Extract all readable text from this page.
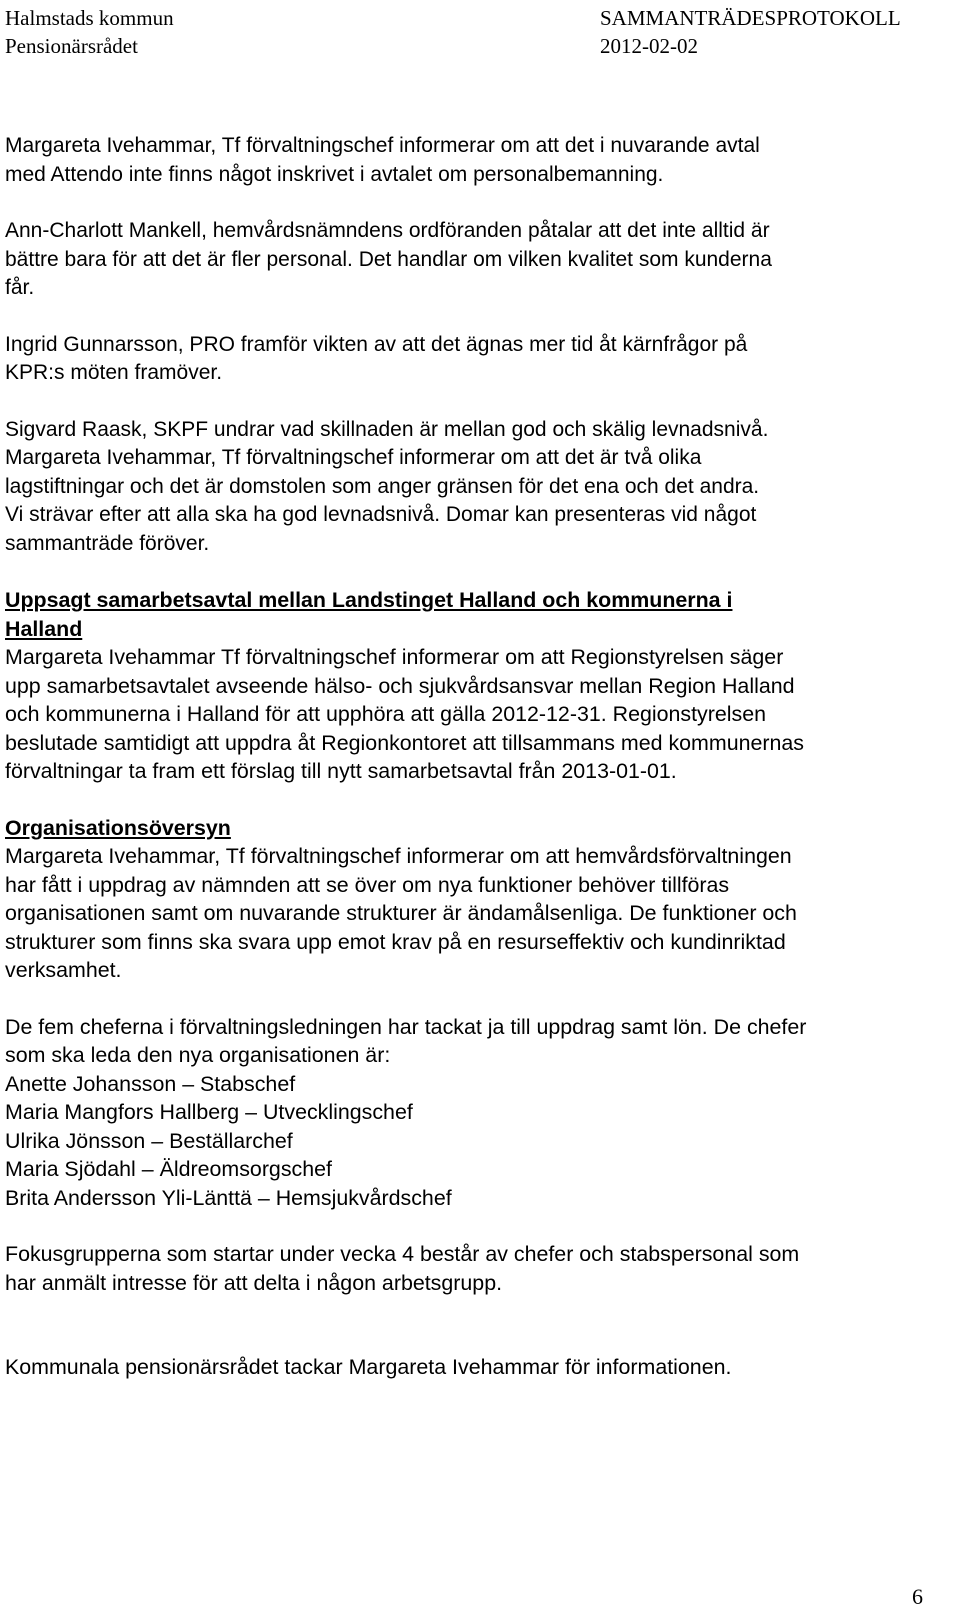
Halmstads kommun

Pensionärsrådet

SAMMANTRÄDESPROTOKOLL

2012-02-02

Margareta Ivehammar, Tf förvaltningschef informerar om att det i nuvarande avtal
med Attendo inte finns något inskrivet i avtalet om personalbemanning.

Ann-Charlott Mankell, hemvårdsnämndens ordföranden påtalar att det inte alltid är
bättre bara för att det är fler personal. Det handlar om vilken kvalitet som kunderna
får.

Ingrid Gunnarsson, PRO framför vikten av att det ägnas mer tid åt kärnfrågor på
KPR:s möten framöver.

Sigvard Raask, SKPF undrar vad skillnaden är mellan god och skälig levnadsnivå.
Margareta Ivehammar, Tf förvaltningschef informerar om att det är två olika
lagstiftningar och det är domstolen som anger gränsen för det ena och det andra.
Vi strävar efter att alla ska ha god levnadsnivå. Domar kan presenteras vid något
sammanträde föröver.

Uppsagt samarbetsavtal mellan Landstinget Halland och kommunerna i
Halland

Margareta Ivehammar Tf förvaltningschef informerar om att Regionstyrelsen säger
upp samarbetsavtalet avseende hälso- och sjukvårdsansvar mellan Region Halland
och kommunerna i Halland för att upphöra att gälla 2012-12-31. Regionstyrelsen
beslutade samtidigt att uppdra åt Regionkontoret att tillsammans med kommunernas
förvaltningar ta fram ett förslag till nytt samarbetsavtal från 2013-01-01.

Organisationsöversyn

Margareta Ivehammar, Tf förvaltningschef informerar om att hemvårdsförvaltningen
har fått i uppdrag av nämnden att se över om nya funktioner behöver tillföras
organisationen samt om nuvarande strukturer är ändamålsenliga. De funktioner och
strukturer som finns ska svara upp emot krav på en resurseffektiv och kundinriktad
verksamhet.

De fem cheferna i förvaltningsledningen har tackat ja till uppdrag samt lön. De chefer
som ska leda den nya organisationen är:

Anette Johansson – Stabschef
Maria Mangfors Hallberg – Utvecklingschef
Ulrika Jönsson – Beställarchef
Maria Sjödahl – Äldreomsorgschef
Brita Andersson Yli-Länttä – Hemsjukvårdschef

Fokusgrupperna som startar under vecka 4 består av chefer och stabspersonal som
har anmält intresse för att delta i någon arbetsgrupp.

Kommunala pensionärsrådet tackar Margareta Ivehammar för informationen.

6
